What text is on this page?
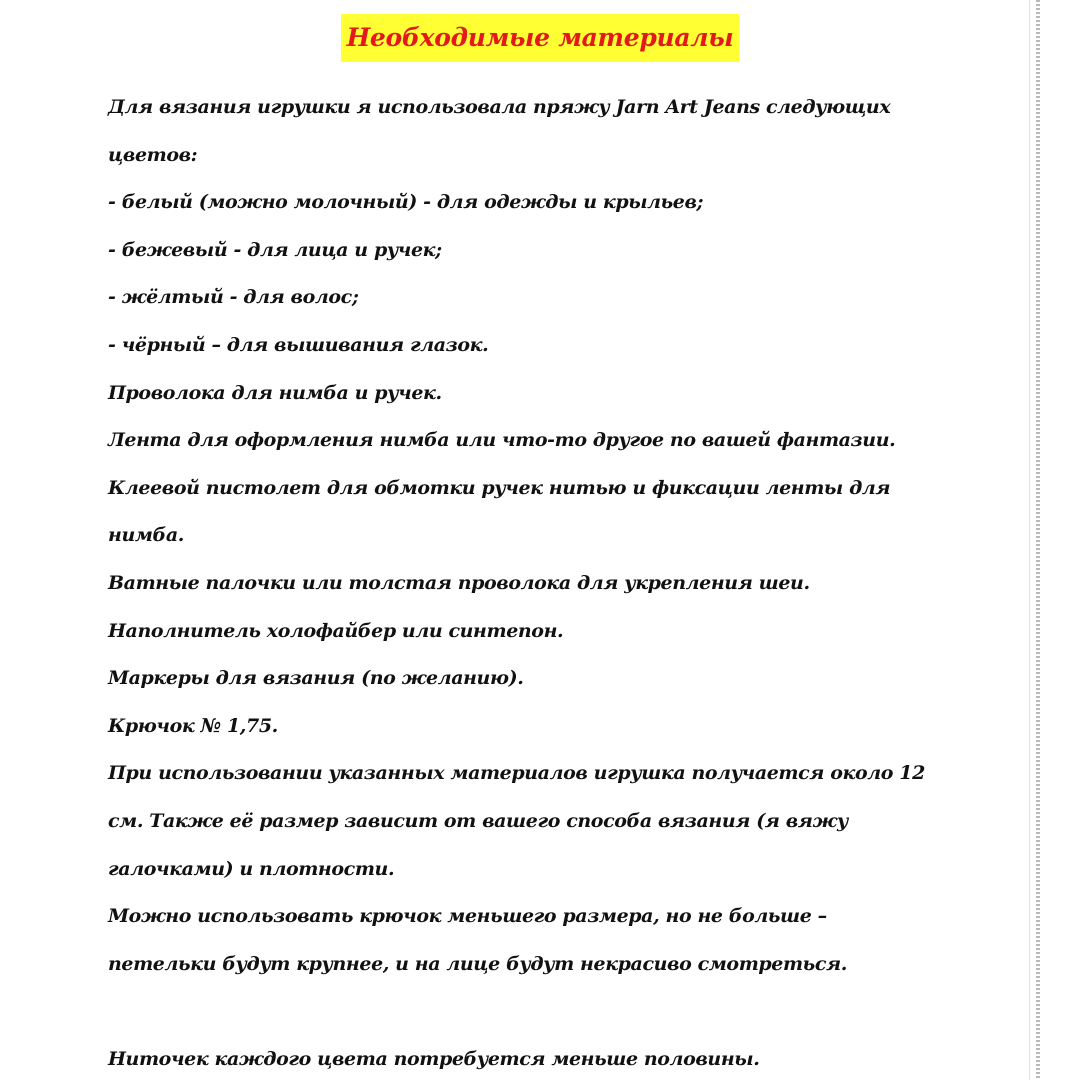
Необходимые материалы
Для вязания игрушки я использовала пряжу Jarn Art Jeans следующих
цветов:
- белый (можно молочный) - для одежды и крыльев;
- бежевый - для лица и ручек;
- жёлтый - для волос;
- чёрный – для вышивания глазок.
Проволока для нимба и ручек.
Лента для оформления нимба или что-то другое по вашей фантазии.
Клеевой пистолет для обмотки ручек нитью и фиксации ленты для
нимба.
Ватные палочки или толстая проволока для укрепления шеи.
Наполнитель холофайбер или синтепон.
Маркеры для вязания (по желанию).
Крючок № 1,75.
При использовании указанных материалов игрушка получается около 12
см. Также её размер зависит от вашего способа вязания (я вяжу
галочками) и плотности.
Можно использовать крючок меньшего размера, но не больше –
петельки будут крупнее, и на лице будут некрасиво смотреться.
Ниточек каждого цвета потребуется меньше половины.
